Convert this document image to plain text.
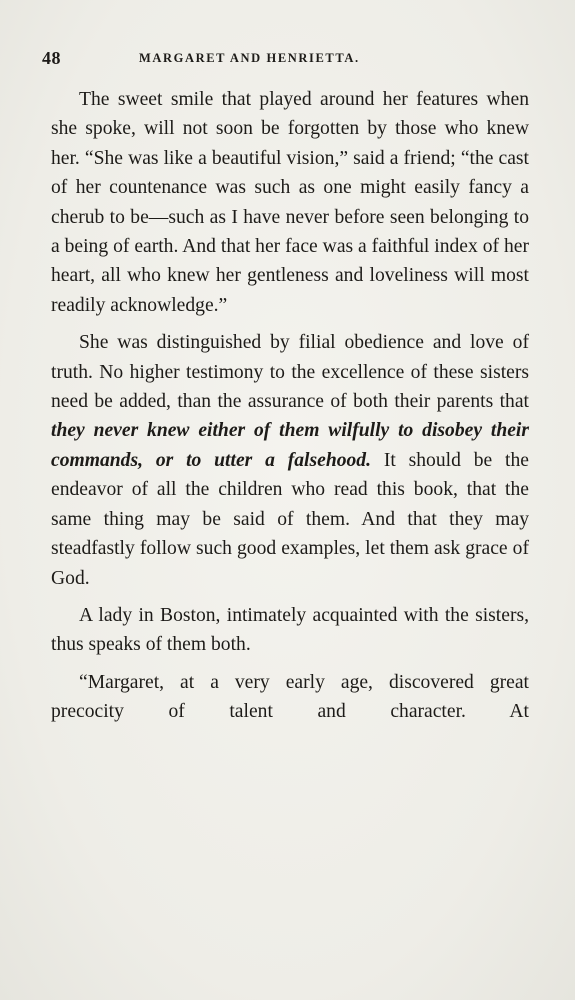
48	MARGARET AND HENRIETTA.

The sweet smile that played around her features when she spoke, will not soon be forgotten by those who knew her. “She was like a beautiful vision,” said a friend; “the cast of her countenance was such as one might easily fancy a cherub to be—such as I have never before seen belonging to a being of earth. And that her face was a faithful index of her heart, all who knew her gentleness and loveliness will most readily acknowledge.”

She was distinguished by filial obedience and love of truth. No higher testimony to the excellence of these sisters need be added, than the assurance of both their parents that they never knew either of them wilfully to disobey their commands, or to utter a falsehood. It should be the endeavor of all the children who read this book, that the same thing may be said of them. And that they may steadfastly follow such good examples, let them ask grace of God.

A lady in Boston, intimately acquainted with the sisters, thus speaks of them both.

“Margaret, at a very early age, discovered great precocity of talent and character. At
